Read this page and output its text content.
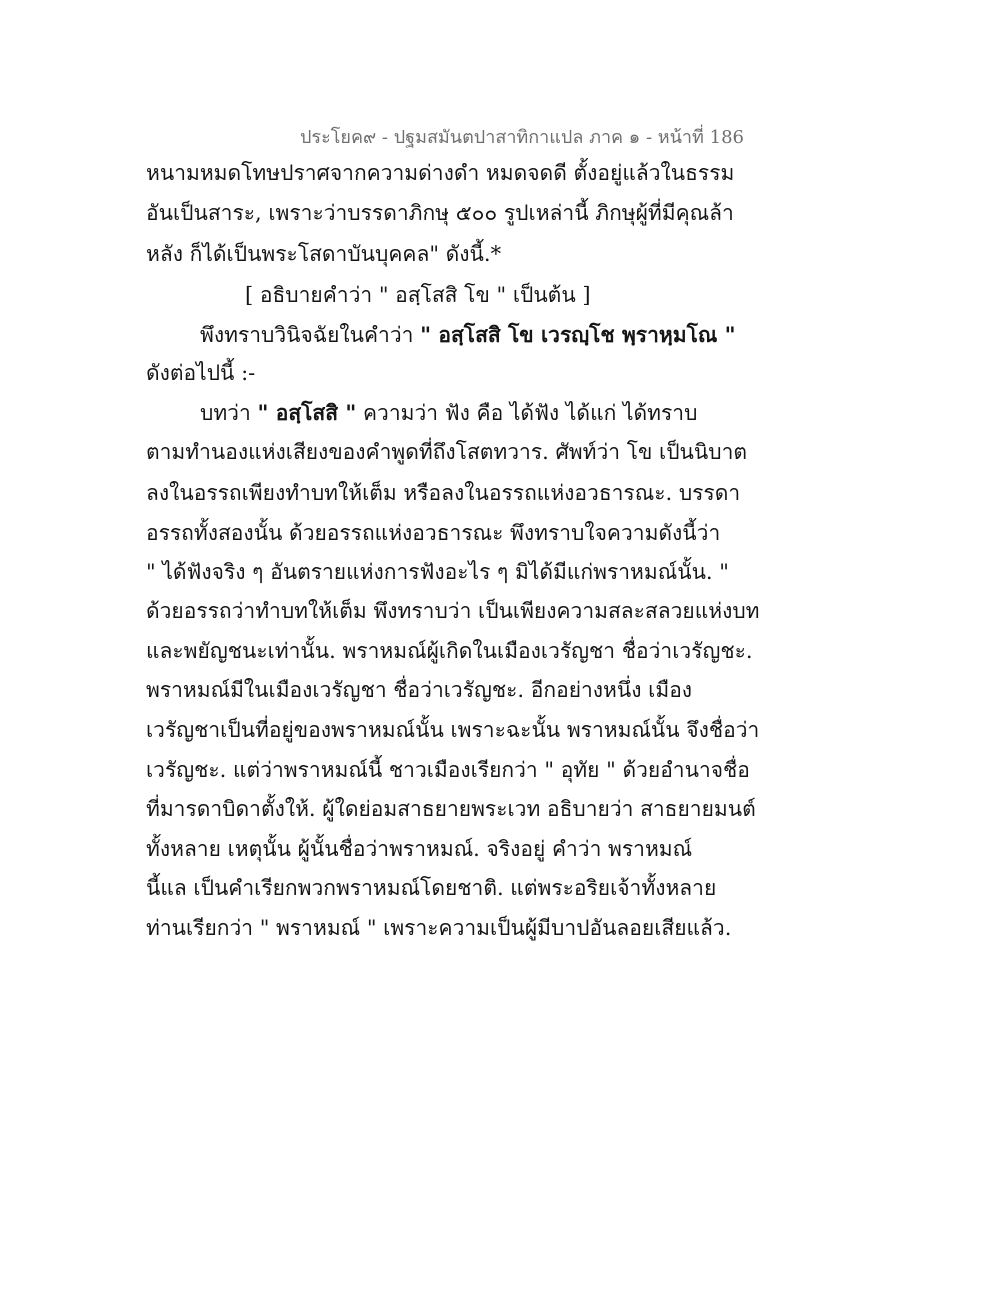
ประโยค๙ - ปฐมสมันตปาสาทิกาแปล ภาค ๑ - หน้าที่ 186
หนามหมดโทษปราศจากความด่างดำ หมดจดดี ตั้งอยู่แล้วในธรรม
อันเป็นสาระ, เพราะว่าบรรดาภิกษุ ๕๐๐ รูปเหล่านี้ ภิกษุผู้ที่มีคุณล้า
หลัง ก็ได้เป็นพระโสดาบันบุคคล" ดังนี้.*
[ อธิบายคำว่า " อสฺโสสิ โข " เป็นต้น ]
พึงทราบวินิจฉัยในคำว่า " อสฺโสสิ โข เวรญฺโช พฺราหฺมโณ "
ดังต่อไปนี้ :-
บทว่า " อสฺโสสิ " ความว่า ฟัง คือ ได้ฟัง ได้แก่ ได้ทราบ
ตามทำนองแห่งเสียงของคำพูดที่ถึงโสตทวาร. ศัพท์ว่า โข เป็นนิบาต
ลงในอรรถเพียงทำบทให้เต็ม หรือลงในอรรถแห่งอวธารณะ. บรรดา
อรรถทั้งสองนั้น ด้วยอรรถแห่งอวธารณะ พึงทราบใจความดังนี้ว่า
" ได้ฟังจริง ๆ อันตรายแห่งการฟังอะไร ๆ มิได้มีแก่พราหมณ์นั้น. "
ด้วยอรรถว่าทำบทให้เต็ม พึงทราบว่า เป็นเพียงความสละสลวยแห่งบท
และพยัญชนะเท่านั้น. พราหมณ์ผู้เกิดในเมืองเวรัญชา ชื่อว่าเวรัญชะ.
พราหมณ์มีในเมืองเวรัญชา ชื่อว่าเวรัญชะ. อีกอย่างหนึ่ง เมือง
เวรัญชาเป็นที่อยู่ของพราหมณ์นั้น เพราะฉะนั้น พราหมณ์นั้น จึงชื่อว่า
เวรัญชะ. แต่ว่าพราหมณ์นี้ ชาวเมืองเรียกว่า " อุทัย " ด้วยอำนาจชื่อ
ที่มารดาบิดาตั้งให้. ผู้ใดย่อมสาธยายพระเวท อธิบายว่า สาธยายมนต์
ทั้งหลาย เหตุนั้น ผู้นั้นชื่อว่าพราหมณ์. จริงอยู่ คำว่า พราหมณ์
นี้แล เป็นคำเรียกพวกพราหมณ์โดยชาติ. แต่พระอริยเจ้าทั้งหลาย
ท่านเรียกว่า " พราหมณ์ " เพราะความเป็นผู้มีบาปอันลอยเสียแล้ว.
